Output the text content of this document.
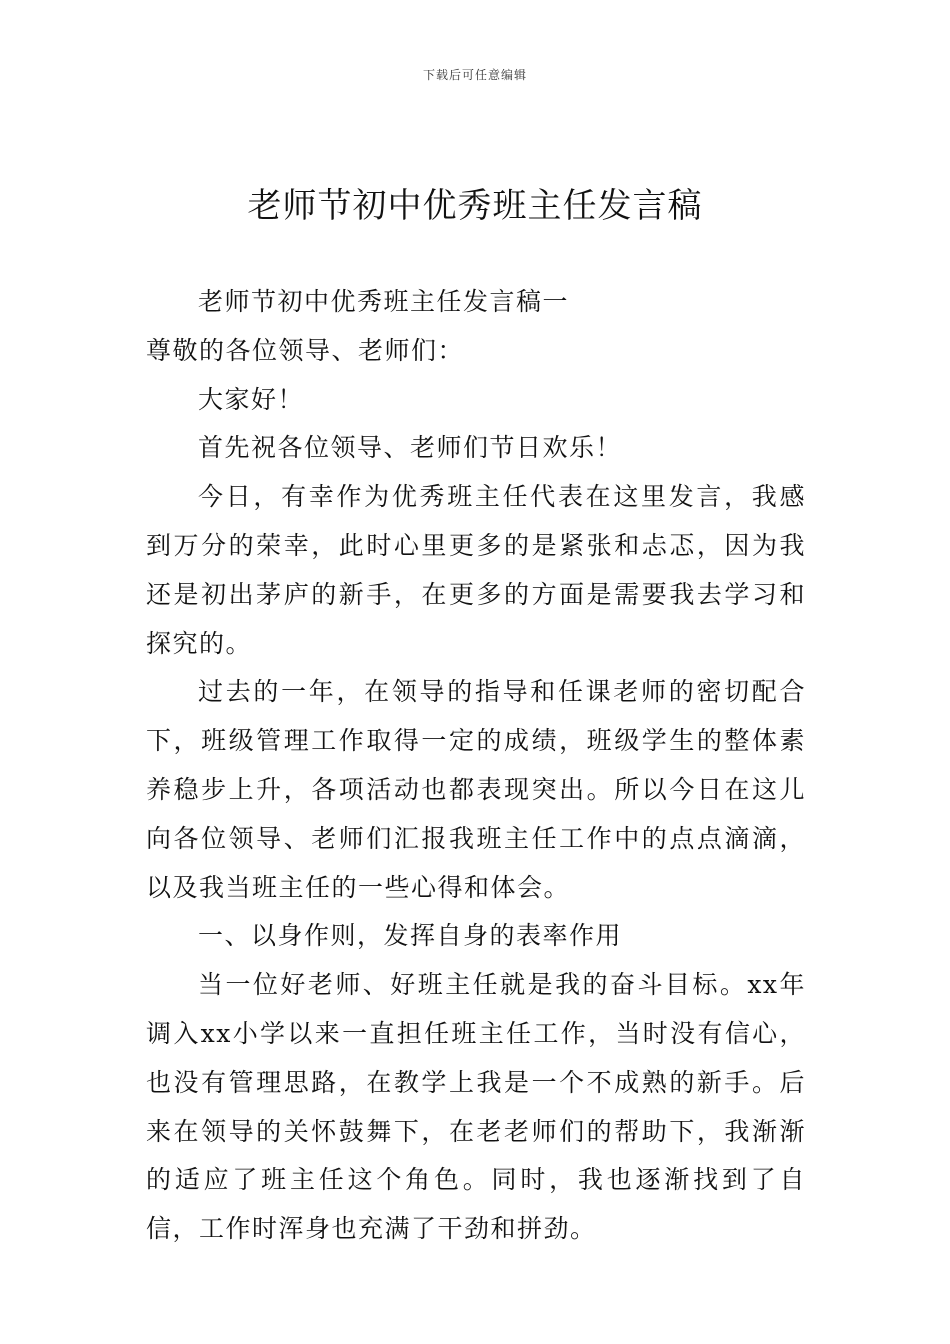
下载后可任意编辑
老师节初中优秀班主任发言稿

老师节初中优秀班主任发言稿一

尊敬的各位领导、老师们：

大家好！

首先祝各位领导、老师们节日欢乐！

今日，有幸作为优秀班主任代表在这里发言，我感到万分的荣幸，此时心里更多的是紧张和忐忑，因为我还是初出茅庐的新手，在更多的方面是需要我去学习和探究的。

过去的一年，在领导的指导和任课老师的密切配合下，班级管理工作取得一定的成绩，班级学生的整体素养稳步上升，各项活动也都表现突出。所以今日在这儿向各位领导、老师们汇报我班主任工作中的点点滴滴，以及我当班主任的一些心得和体会。

一、以身作则，发挥自身的表率作用

当一位好老师、好班主任就是我的奋斗目标。xx年调入xx小学以来一直担任班主任工作，当时没有信心，也没有管理思路，在教学上我是一个不成熟的新手。后来在领导的关怀鼓舞下，在老老师们的帮助下，我渐渐的适应了班主任这个角色。同时，我也逐渐找到了自信，工作时浑身也充满了干劲和拼劲。
